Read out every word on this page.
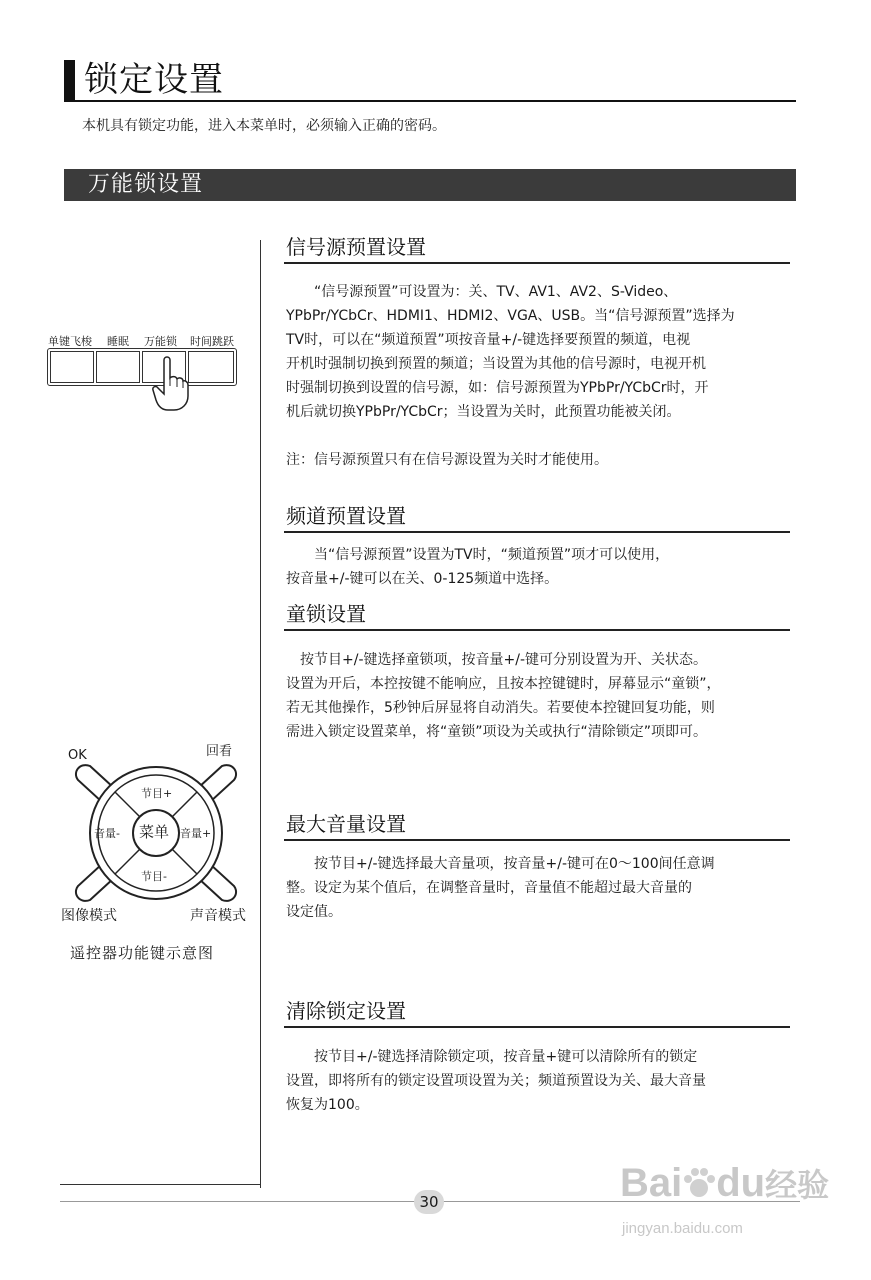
锁定设置
本机具有锁定功能，进入本菜单时，必须输入正确的密码。
万能锁设置
30
单键飞梭 睡眠 万能锁 时间跳跃
OK	回看
节目+
节目-
音量-	音量+
菜单
图像模式	声音模式
遥控器功能键示意图
信号源预置设置
　　“信号源预置”可设置为：关、TV、AV1、AV2、S-Video、
YPbPr/YCbCr、HDMI1、HDMI2、VGA、USB。当“信号源预置”选择为
TV时，可以在“频道预置”项按音量+/-键选择要预置的频道，电视
开机时强制切换到预置的频道；当设置为其他的信号源时，电视开机
时强制切换到设置的信号源，如：信号源预置为YPbPr/YCbCr时，开
机后就切换YPbPr/YCbCr；当设置为关时，此预置功能被关闭。
注：信号源预置只有在信号源设置为关时才能使用。
频道预置设置
　　当“信号源预置”设置为TV时，“频道预置”项才可以使用，
按音量+/-键可以在关、0-125频道中选择。
童锁设置
　按节目+/-键选择童锁项，按音量+/-键可分别设置为开、关状态。
设置为开后，本控按键不能响应，且按本控键键时，屏幕显示“童锁”，
若无其他操作，5秒钟后屏显将自动消失。若要使本控键回复功能，则
需进入锁定设置菜单，将“童锁”项设为关或执行“清除锁定”项即可。
最大音量设置
　　按节目+/-键选择最大音量项，按音量+/-键可在0～100间任意调
整。设定为某个值后，在调整音量时，音量值不能超过最大音量的
设定值。
清除锁定设置
　　按节目+/-键选择清除锁定项，按音量+键可以清除所有的锁定
设置，即将所有的锁定设置项设置为关；频道预置设为关、最大音量
恢复为100。
Bai du经验
jingyan.baidu.com
